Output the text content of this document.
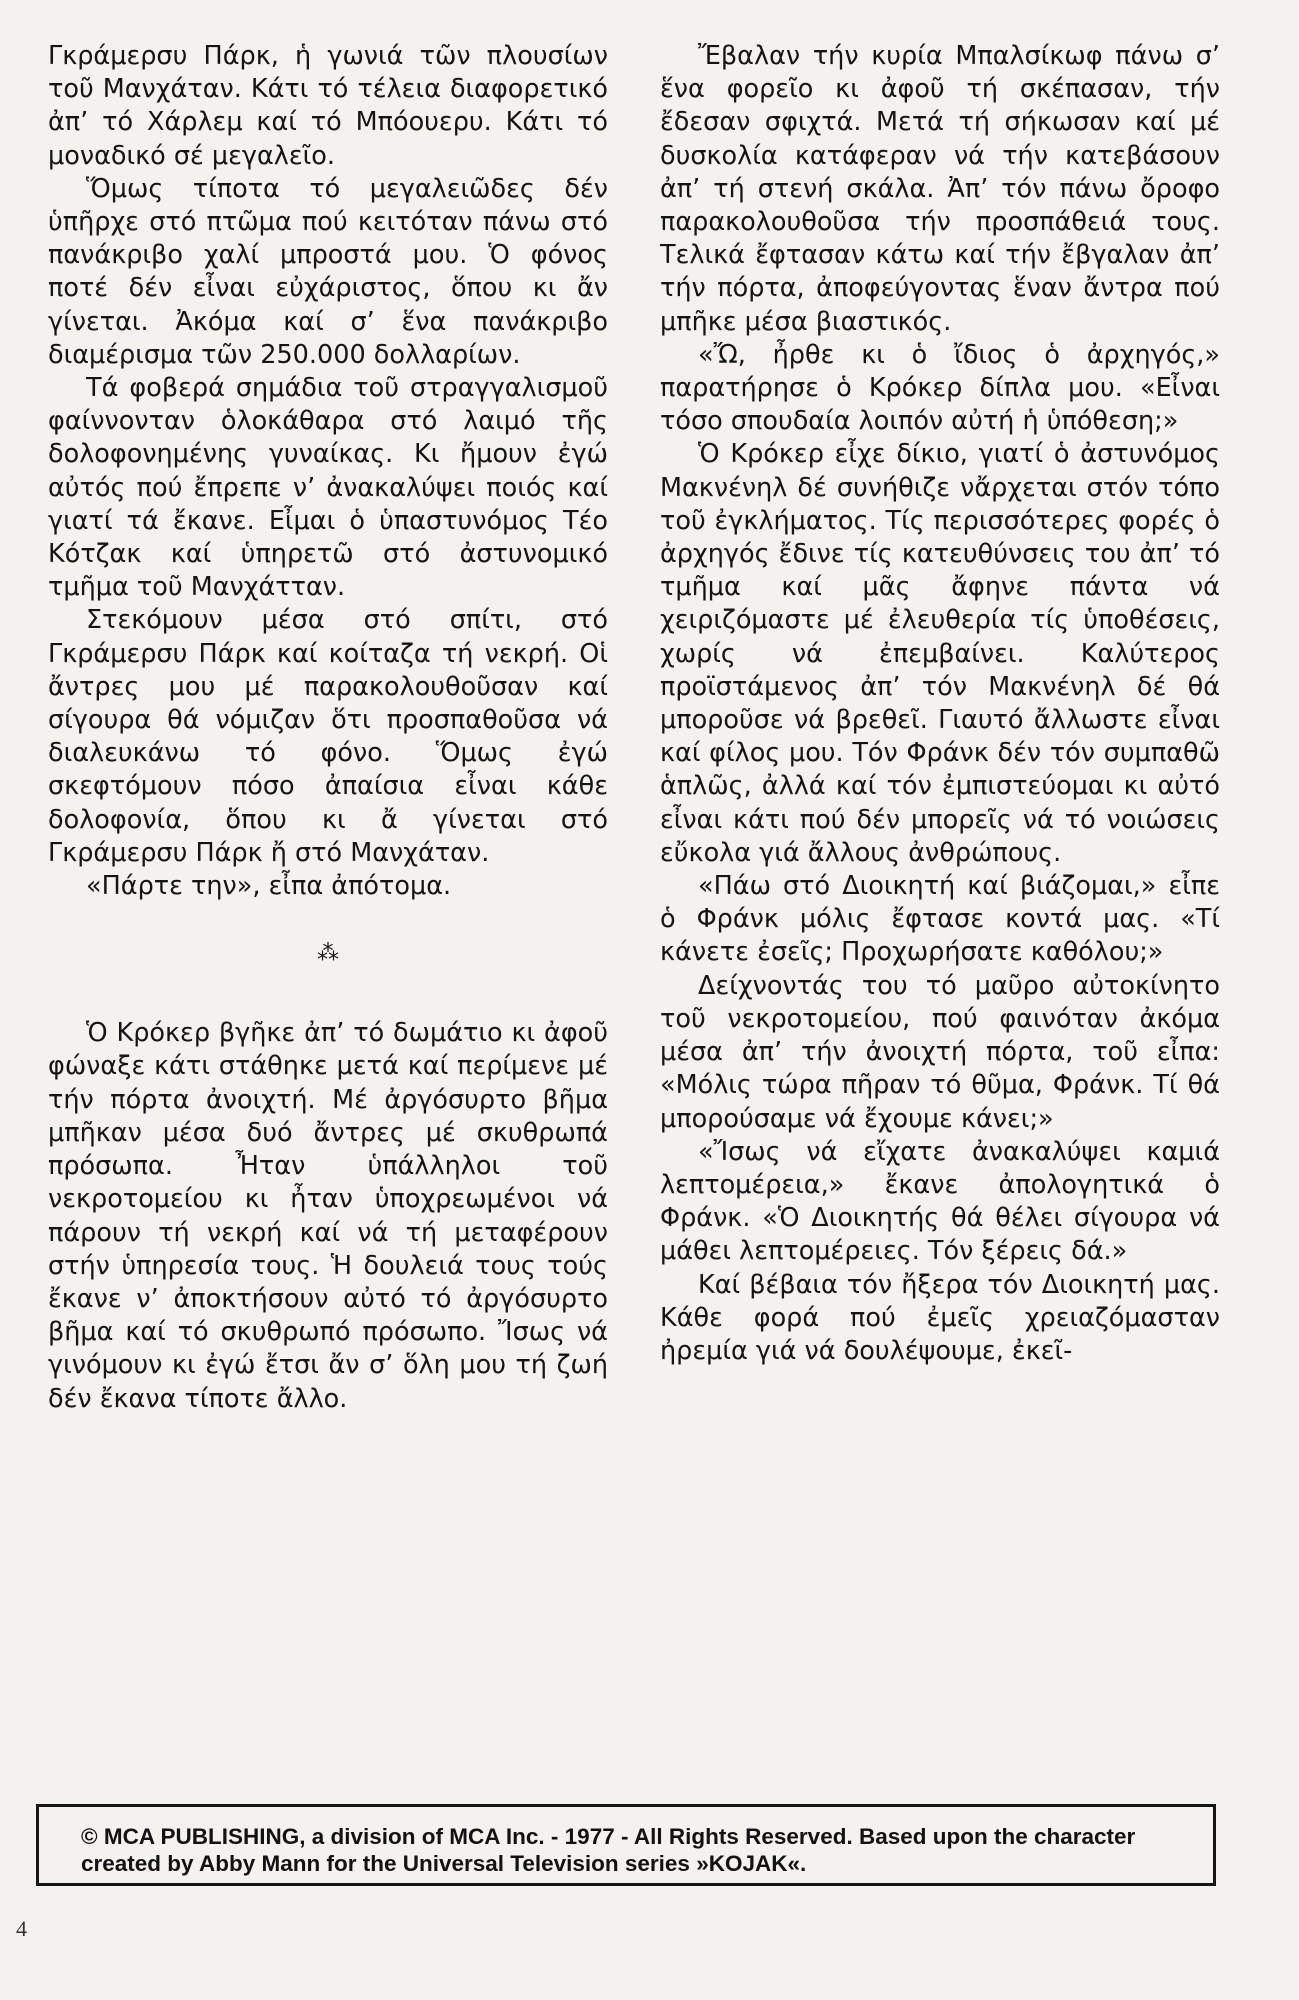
Γκράμερσυ Πάρκ, ἡ γωνιά τῶν πλουσίων τοῦ Μανχάταν. Κάτι τό τέλεια διαφορετικό ἀπ’ τό Χάρλεμ καί τό Μπόουερυ. Κάτι τό μοναδικό σέ μεγαλεῖο.

Ὅμως τίποτα τό μεγαλειῶδες δέν ὑπῆρχε στό πτῶμα πού κειτόταν πάνω στό πανάκριβο χαλί μπροστά μου. Ὁ φόνος ποτέ δέν εἶναι εὐχάριστος, ὅπου κι ἄν γίνεται. Ἀκόμα καί σ’ ἕνα πανάκριβο διαμέρισμα τῶν 250.000 δολλαρίων.

Τά φοβερά σημάδια τοῦ στραγγαλισμοῦ φαίννονταν ὁλοκάθαρα στό λαιμό τῆς δολοφονημένης γυναίκας. Κι ἤμουν ἐγώ αὐτός πού ἔπρεπε ν’ ἀνακαλύψει ποιός καί γιατί τά ἔκανε. Εἶμαι ὁ ὑπαστυνόμος Τέο Κότζακ καί ὑπηρετῶ στό ἀστυνομικό τμῆμα τοῦ Μανχάτταν.

Στεκόμουν μέσα στό σπίτι, στό Γκράμερσυ Πάρκ καί κοίταζα τή νεκρή. Οἱ ἄντρες μου μέ παρακολουθοῦσαν καί σίγουρα θά νόμιζαν ὅτι προσπαθοῦσα νά διαλευκάνω τό φόνο. Ὅμως ἐγώ σκεφτόμουν πόσο ἀπαίσια εἶναι κάθε δολοφονία, ὅπου κι ἄ γίνεται στό Γκράμερσυ Πάρκ ἤ στό Μανχάταν.

«Πάρτε την», εἶπα ἀπότομα.

⁂

Ὁ Κρόκερ βγῆκε ἀπ’ τό δωμάτιο κι ἀφοῦ φώναξε κάτι στάθηκε μετά καί περίμενε μέ τήν πόρτα ἀνοιχτή. Μέ ἀργόσυρτο βῆμα μπῆκαν μέσα δυό ἄντρες μέ σκυθρωπά πρόσωπα. Ἦταν ὑπάλληλοι τοῦ νεκροτομείου κι ἦταν ὑποχρεωμένοι νά πάρουν τή νεκρή καί νά τή μεταφέρουν στήν ὑπηρεσία τους. Ἡ δουλειά τους τούς ἔκανε ν’ ἀποκτήσουν αὐτό τό ἀργόσυρτο βῆμα καί τό σκυθρωπό πρόσωπο. Ἴσως νά γινόμουν κι ἐγώ ἔτσι ἄν σ’ ὅλη μου τή ζωή δέν ἔκανα τίποτε ἄλλο.

Ἔβαλαν τήν κυρία Μπαλσίκωφ πάνω σ’ ἕνα φορεῖο κι ἀφοῦ τή σκέπασαν, τήν ἔδεσαν σφιχτά. Μετά τή σήκωσαν καί μέ δυσκολία κατάφεραν νά τήν κατεβάσουν ἀπ’ τή στενή σκάλα. Ἀπ’ τόν πάνω ὄροφο παρακολουθοῦσα τήν προσπάθειά τους. Τελικά ἔφτασαν κάτω καί τήν ἔβγαλαν ἀπ’ τήν πόρτα, ἀποφεύγοντας ἕναν ἄντρα πού μπῆκε μέσα βιαστικός.

«Ὤ, ἦρθε κι ὁ ἴδιος ὁ ἀρχηγός,» παρατήρησε ὁ Κρόκερ δίπλα μου. «Εἶναι τόσο σπουδαία λοιπόν αὐτή ἡ ὑπόθεση;»

Ὁ Κρόκερ εἶχε δίκιο, γιατί ὁ ἀστυνόμος Μακνένηλ δέ συνήθιζε νἄρχεται στόν τόπο τοῦ ἐγκλήματος. Τίς περισσότερες φορές ὁ ἀρχηγός ἔδινε τίς κατευθύνσεις του ἀπ’ τό τμῆμα καί μᾶς ἄφηνε πάντα νά χειριζόμαστε μέ ἐλευθερία τίς ὑποθέσεις, χωρίς νά ἐπεμβαίνει. Καλύτερος προϊστάμενος ἀπ’ τόν Μακνένηλ δέ θά μποροῦσε νά βρεθεῖ. Γιαυτό ἄλλωστε εἶναι καί φίλος μου. Τόν Φράνκ δέν τόν συμπαθῶ ἁπλῶς, ἀλλά καί τόν ἐμπιστεύομαι κι αὐτό εἶναι κάτι πού δέν μπορεῖς νά τό νοιώσεις εὔκολα γιά ἄλλους ἀνθρώπους.

«Πάω στό Διοικητή καί βιάζομαι,» εἶπε ὁ Φράνκ μόλις ἔφτασε κοντά μας. «Τί κάνετε ἐσεῖς; Προχωρήσατε καθόλου;»

Δείχνοντάς του τό μαῦρο αὐτοκίνητο τοῦ νεκροτομείου, πού φαινόταν ἀκόμα μέσα ἀπ’ τήν ἀνοιχτή πόρτα, τοῦ εἶπα: «Μόλις τώρα πῆραν τό θῦμα, Φράνκ. Τί θά μπορούσαμε νά ἔχουμε κάνει;»

«Ἴσως νά εἴχατε ἀνακαλύψει καμιά λεπτομέρεια,» ἔκανε ἀπολογητικά ὁ Φράνκ. «Ὁ Διοικητής θά θέλει σίγουρα νά μάθει λεπτομέρειες. Τόν ξέρεις δά.»

Καί βέβαια τόν ἤξερα τόν Διοικητή μας. Κάθε φορά πού ἐμεῖς χρειαζόμασταν ἠρεμία γιά νά δουλέψουμε, ἐκεῖ-

© MCA PUBLISHING, a division of MCA Inc. - 1977 - All Rights Reserved. Based upon the character created by Abby Mann for the Universal Television series »KOJAK«.
4
